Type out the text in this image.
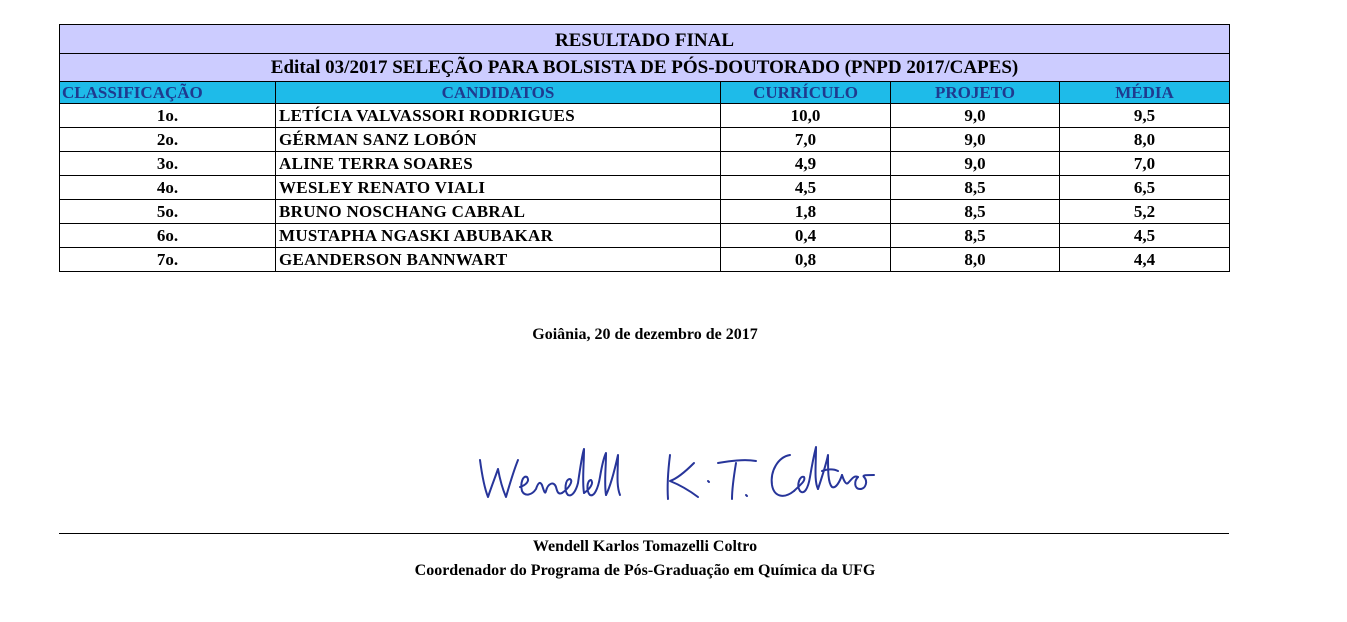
RESULTADO FINAL				
Edital 03/2017 SELEÇÃO PARA BOLSISTA DE PÓS-DOUTORADO (PNPD 2017/CAPES)				
CLASSIFICAÇÃO	CANDIDATOS	CURRÍCULO	PROJETO	MÉDIA
1o.	LETÍCIA VALVASSORI RODRIGUES	10,0	9,0	9,5
2o.	GÉRMAN SANZ LOBÓN	7,0	9,0	8,0
3o.	ALINE TERRA SOARES	4,9	9,0	7,0
4o.	WESLEY RENATO VIALI	4,5	8,5	6,5
5o.	BRUNO NOSCHANG CABRAL	1,8	8,5	5,2
6o.	MUSTAPHA NGASKI ABUBAKAR	0,4	8,5	4,5
7o.	GEANDERSON BANNWART	0,8	8,0	4,4
Goiânia, 20 de dezembro de 2017
Wendell Karlos Tomazelli Coltro
Coordenador do Programa de Pós-Graduação em Química da UFG
